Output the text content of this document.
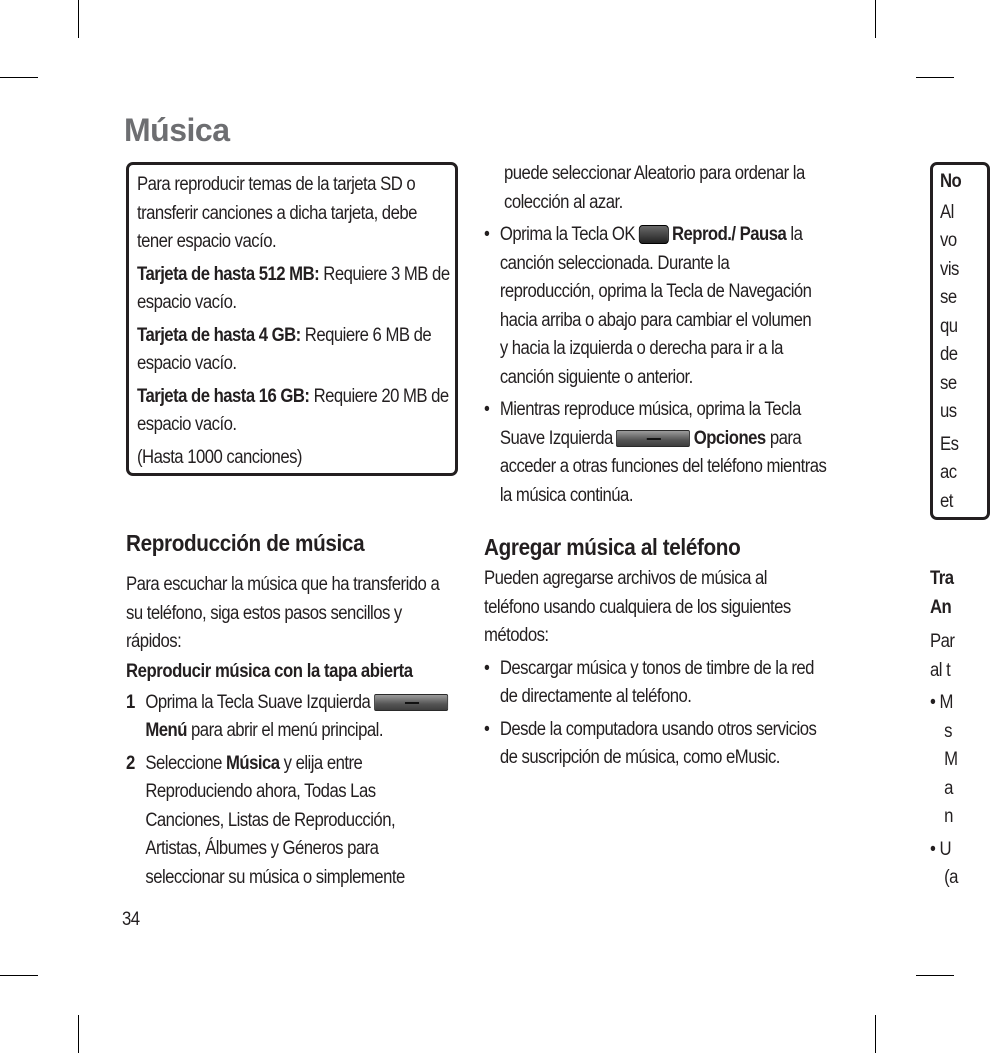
Música

Para reproducir temas de la tarjeta SD o transferir canciones a dicha tarjeta, debe tener espacio vacío.

Tarjeta de hasta 512 MB: Requiere 3 MB de espacio vacío.

Tarjeta de hasta 4 GB: Requiere 6 MB de espacio vacío.

Tarjeta de hasta 16 GB: Requiere 20 MB de espacio vacío.

(Hasta 1000 canciones)

Reproducción de música

Para escuchar la música que ha transferido a su teléfono, siga estos pasos sencillos y rápidos:

Reproducir música con la tapa abierta
1 Oprima la Tecla Suave Izquierda
Menú para abrir el menú principal.
2 Seleccione Música y elija entre Reproduciendo ahora, Todas Las Canciones, Listas de Reproducción, Artistas, Álbumes y Géneros para seleccionar su música o simplemente
34

puede seleccionar Aleatorio para ordenar la colección al azar.

• Oprima la Tecla OK Reprod./ Pausa la canción seleccionada. Durante la reproducción, oprima la Tecla de Navegación hacia arriba o abajo para cambiar el volumen y hacia la izquierda o derecha para ir a la canción siguiente o anterior.
• Mientras reproduce música, oprima la Tecla Suave Izquierda	Opciones para acceder a otras funciones del teléfono mientras la música continúa.
Agregar música al teléfono

Pueden agregarse archivos de música al teléfono usando cualquiera de los siguientes métodos:

• Descargar música y tonos de timbre de la red de directamente al teléfono.
• Desde la computadora usando otros servicios de suscripción de música, como eMusic.
No
Al
vo
vis
se
qu
de
se
us
Es
ac
et
Tra
An
Par
al t
• M
s
M
a
n
• U
(a
